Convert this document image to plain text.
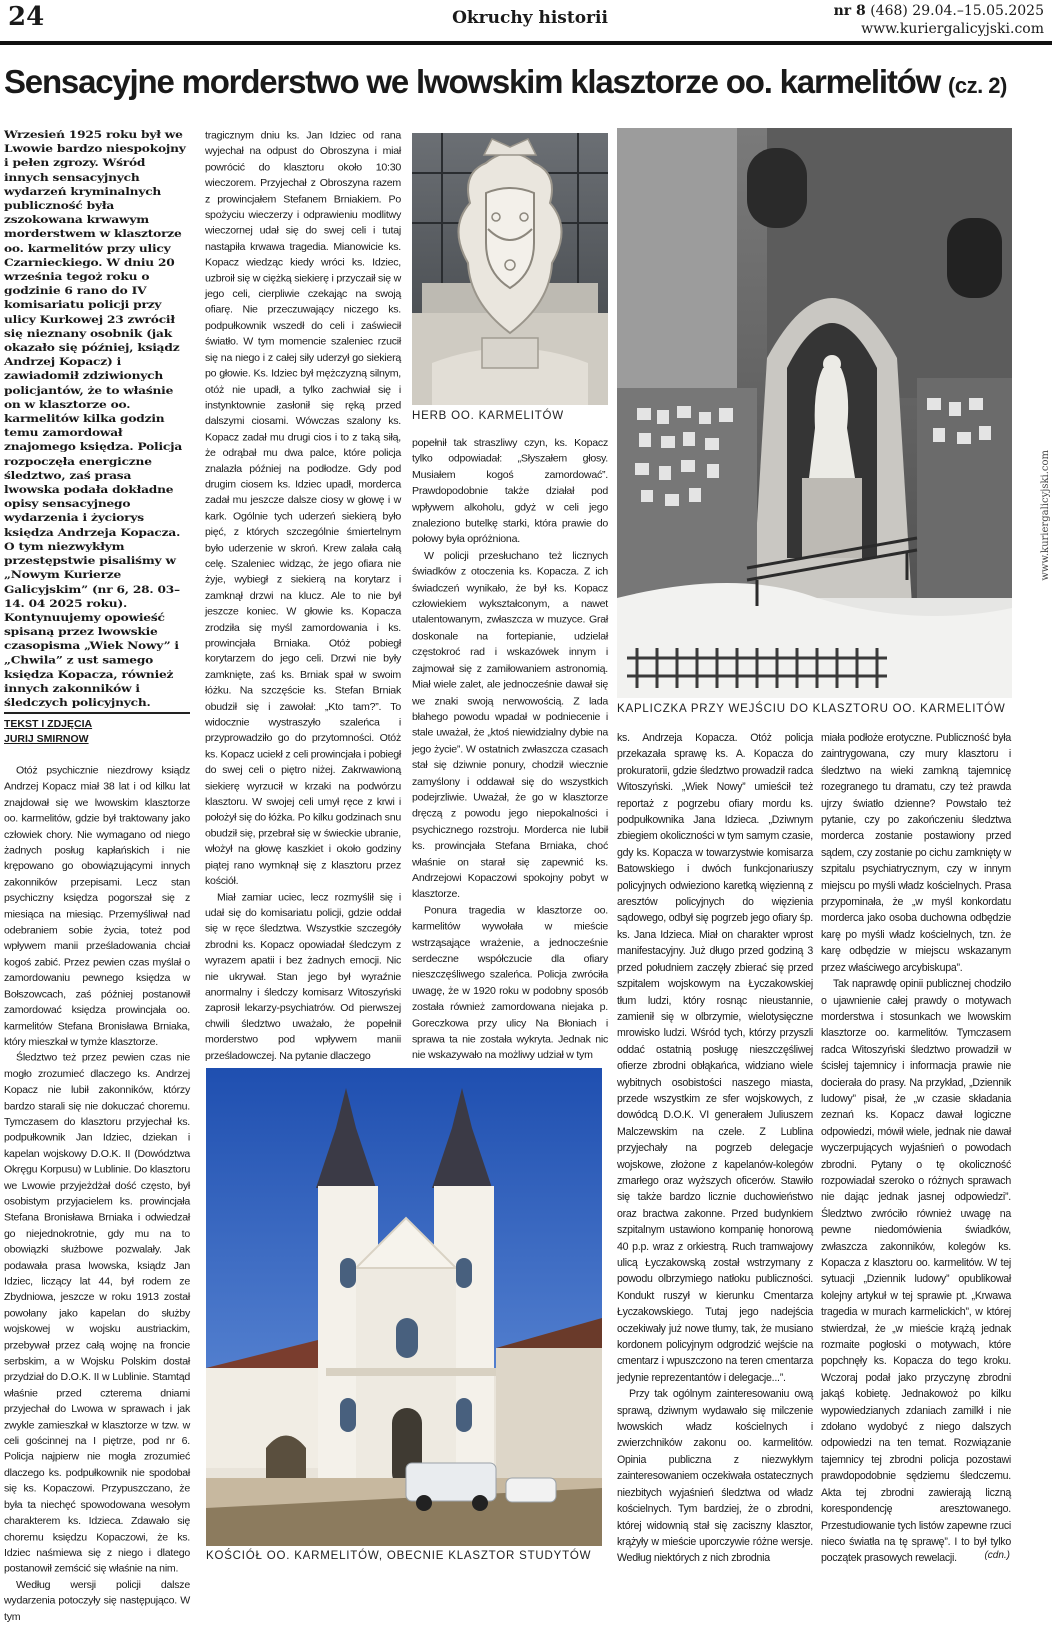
24	Okruchy historii	nr 8 (468) 29.04.–15.05.2025
www.kuriergalicyjski.com
Sensacyjne morderstwo we lwowskim klasztorze oo. karmelitów (cz. 2)
Wrzesień 1925 roku był we Lwowie bardzo niespokojny i pełen zgrozy. Wśród innych sensacyjnych wydarzeń kryminalnych publiczność była zszokowana krwawym morderstwem w klasztorze oo. karmelitów przy ulicy Czarnieckiego. W dniu 20 września tegoż roku o godzinie 6 rano do IV komisariatu policji przy ulicy Kurkowej 23 zwrócił się nieznany osobnik (jak okazało się później, ksiądz Andrzej Kopacz) i zawiadomił zdziwionych policjantów, że to właśnie on w klasztorze oo. karmelitów kilka godzin temu zamordował znajomego księdza. Policja rozpoczęła energiczne śledztwo, zaś prasa lwowska podała dokładne opisy sensacyjnego wydarzenia i życiorys księdza Andrzeja Kopacza. O tym niezwykłym przestępstwie pisaliśmy w „Nowym Kurierze Galicyjskim” (nr 6, 28. 03–14. 04 2025 roku). Kontynuujemy opowieść spisaną przez lwowskie czasopisma „Wiek Nowy” i „Chwila” z ust samego księdza Kopacza, również innych zakonników i śledczych policyjnych.
TEKST I ZDJĘCIA
JURIJ SMIRNOW

Otóż psychicznie niezdrowy ksiądz Andrzej Kopacz miał 38 lat i od kilku lat znajdował się we lwowskim klasztorze oo. karmelitów, gdzie był traktowany jako człowiek chory. Nie wymagano od niego żadnych posług kapłańskich i nie krępowano go obowiązującymi innych zakonników przepisami. Lecz stan psychiczny księdza pogorszał się z miesiąca na miesiąc. Przemyśliwał nad odebraniem sobie życia, toteż pod wpływem manii prześladowania chciał kogoś zabić. Przez pewien czas myślał o zamordowaniu pewnego księdza w Bołszowcach, zaś później postanowił zamordować księdza prowincjała oo. karmelitów Stefana Bronisława Brniaka, który mieszkał w tymże klasztorze.

Śledztwo też przez pewien czas nie mogło zrozumieć dlaczego ks. Andrzej Kopacz nie lubił zakonników, którzy bardzo starali się nie dokuczać choremu. Tymczasem do klasztoru przyjechał ks. podpułkownik Jan Idziec, dziekan i kapelan wojskowy D.O.K. II (Dowództwa Okręgu Korpusu) w Lublinie. Do klasztoru we Lwowie przyjeżdżał dość często, był osobistym przyjacielem ks. prowincjała Stefana Bronisława Brniaka i odwiedzał go niejednokrotnie, gdy mu na to obowiązki służbowe pozwalały. Jak podawała prasa lwowska, ksiądz Jan Idziec, liczący lat 44, był rodem ze Zbydniowa, jeszcze w roku 1913 został powołany jako kapelan do służby wojskowej w wojsku austriackim, przebywał przez całą wojnę na froncie serbskim, a w Wojsku Polskim dostał przydział do D.O.K. II w Lublinie. Stamtąd właśnie przed czterema dniami przyjechał do Lwowa w sprawach i jak zwykle zamieszkał w klasztorze w tzw. w celi gościnnej na I piętrze, pod nr 6. Policja najpierw nie mogła zrozumieć dlaczego ks. podpułkownik nie spodobał się ks. Kopaczowi. Przypuszczano, że była ta niechęć spowodowana wesołym charakterem ks. Idzieca. Zdawało się choremu księdzu Kopaczowi, że ks. Idziec naśmiewa się z niego i dlatego postanowił zemścić się właśnie na nim.

Według wersji policji dalsze wydarzenia potoczyły się następująco. W tym

tragicznym dniu ks. Jan Idziec od rana wyjechał na odpust do Obroszyna i miał powrócić do klasztoru około 10:30 wieczorem. Przyjechał z Obroszyna razem z prowincjałem Stefanem Brniakiem. Po spożyciu wieczerzy i odprawieniu modlitwy wieczornej udał się do swej celi i tutaj nastąpiła krwawa tragedia. Mianowicie ks. Kopacz wiedząc kiedy wróci ks. Idziec, uzbroił się w ciężką siekierę i przyczaił się w jego celi, cierpliwie czekając na swoją ofiarę. Nie przeczuwający niczego ks. podpułkownik wszedł do celi i zaświecił światło. W tym momencie szaleniec rzucił się na niego i z całej siły uderzył go siekierą po głowie. Ks. Idziec był mężczyzną silnym, otóż nie upadł, a tylko zachwiał się i instynktownie zasłonił się ręką przed dalszymi ciosami. Wówczas szalony ks. Kopacz zadał mu drugi cios i to z taką siłą, że odrąbał mu dwa palce, które policja znalazła później na podłodze. Gdy pod drugim ciosem ks. Idziec upadł, morderca zadał mu jeszcze dalsze ciosy w głowę i w kark. Ogólnie tych uderzeń siekierą było pięć, z których szczególnie śmiertelnym było uderzenie w skroń. Krew zalała całą celę. Szaleniec widząc, że jego ofiara nie żyje, wybiegł z siekierą na korytarz i zamknął drzwi na klucz. Ale to nie był jeszcze koniec. W głowie ks. Kopacza zrodziła się myśl zamordowania i ks. prowincjała Brniaka. Otóż pobiegł korytarzem do jego celi. Drzwi nie były zamknięte, zaś ks. Brniak spał w swoim łóżku. Na szczęście ks. Stefan Brniak obudził się i zawołał: „Kto tam?”. To widocznie wystraszyło szaleńca i przyprowadziło go do przytomności. Otóż ks. Kopacz uciekł z celi prowincjała i pobiegł do swej celi o piętro niżej. Zakrwawioną siekierę wyrzucił w krzaki na podwórzu klasztoru. W swojej celi umył ręce z krwi i położył się do łóżka. Po kilku godzinach snu obudził się, przebrał się w świeckie ubranie, włożył na głowę kaszkiet i około godziny piątej rano wymknął się z klasztoru przez kościół.

Miał zamiar uciec, lecz rozmyślił się i udał się do komisariatu policji, gdzie oddał się w ręce śledztwa. Wszystkie szczegóły zbrodni ks. Kopacz opowiadał śledczym z wyrazem apatii i bez żadnych emocji. Nic nie ukrywał. Stan jego był wyraźnie anormalny i śledczy komisarz Witoszyński zaprosił lekarzy-psychiatrów. Od pierwszej chwili śledztwo uważało, że popełnił morderstwo pod wpływem manii prześladowczej. Na pytanie dlaczego

popełnił tak straszliwy czyn, ks. Kopacz tylko odpowiadał: „Słyszałem głosy. Musiałem kogoś zamordować”. Prawdopodobnie także działał pod wpływem alkoholu, gdyż w celi jego znaleziono butelkę starki, która prawie do połowy była opróżniona.

W policji przesłuchano też licznych świadków z otoczenia ks. Kopacza. Z ich świadczeń wynikało, że był ks. Kopacz człowiekiem wykształconym, a nawet utalentowanym, zwłaszcza w muzyce. Grał doskonale na fortepianie, udzielał częstokroć rad i wskazówek innym i zajmował się z zamiłowaniem astronomią. Miał wiele zalet, ale jednocześnie dawał się we znaki swoją nerwowością. Z lada błahego powodu wpadał w podniecenie i stale uważał, że „ktoś niewidzialny dybie na jego życie”. W ostatnich zwłaszcza czasach stał się dziwnie ponury, chodził wiecznie zamyślony i oddawał się do wszystkich podejrzliwie. Uważał, że go w klasztorze dręczą z powodu jego niepokalności i psychicznego rozstroju. Morderca nie lubił ks. prowincjała Stefana Brniaka, choć właśnie on starał się zapewnić ks. Andrzejowi Kopaczowi spokojny pobyt w klasztorze.

Ponura tragedia w klasztorze oo. karmelitów wywołała w mieście wstrząsające wrażenie, a jednocześnie serdeczne współczucie dla ofiary nieszczęśliwego szaleńca. Policja zwróciła uwagę, że w 1920 roku w podobny sposób została również zamordowana niejaka p. Goreczkowa przy ulicy Na Błoniach i sprawa ta nie została wykryta. Jednak nic nie wskazywało na możliwy udział w tym

ks. Andrzeja Kopacza. Otóż policja przekazała sprawę ks. A. Kopacza do prokuratorii, gdzie śledztwo prowadził radca Witoszyński. „Wiek Nowy” umieścił też reportaż z pogrzebu ofiary mordu ks. podpułkownika Jana Idzieca. „Dziwnym zbiegiem okoliczności w tym samym czasie, gdy ks. Kopacza w towarzystwie komisarza Batowskiego i dwóch funkcjonariuszy policyjnych odwieziono karetką więzienną z aresztów policyjnych do więzienia sądowego, odbył się pogrzeb jego ofiary śp. ks. Jana Idzieca. Miał on charakter wprost manifestacyjny. Już długo przed godziną 3 przed południem zaczęły zbierać się przed szpitalem wojskowym na Łyczakowskiej tłum ludzi, który rosnąc nieustannie, zamienił się w olbrzymie, wielotysięczne mrowisko ludzi. Wśród tych, którzy przyszli oddać ostatnią posługę nieszczęśliwej ofierze zbrodni obłąkańca, widziano wiele wybitnych osobistości naszego miasta, przede wszystkim ze sfer wojskowych, z dowódcą D.O.K. VI generałem Juliuszem Malczewskim na czele. Z Lublina przyjechały na pogrzeb delegacje wojskowe, złożone z kapelanów-kolegów zmarłego oraz wyższych oficerów. Stawiło się także bardzo licznie duchowieństwo oraz bractwa zakonne. Przed budynkiem szpitalnym ustawiono kompanię honorową 40 p.p. wraz z orkiestrą. Ruch tramwajowy ulicą Łyczakowską został wstrzymany z powodu olbrzymiego natłoku publiczności. Kondukt ruszył w kierunku Cmentarza Łyczakowskiego. Tutaj jego nadejścia oczekiwały już nowe tłumy, tak, że musiano kordonem policyjnym odgrodzić wejście na cmentarz i wpuszczono na teren cmentarza jedynie reprezentantów i delegacje...”.

Przy tak ogólnym zainteresowaniu ową sprawą, dziwnym wydawało się milczenie lwowskich władz kościelnych i zwierzchników zakonu oo. karmelitów. Opinia publiczna z niezwykłym zainteresowaniem oczekiwała ostatecznych niezbitych wyjaśnień śledztwa od władz kościelnych. Tym bardziej, że o zbrodni, której widownią stał się zaciszny klasztor, krążyły w mieście uporczywie różne wersje. Według niektórych z nich zbrodnia

miała podłoże erotyczne. Publiczność była zaintrygowana, czy mury klasztoru i śledztwo na wieki zamkną tajemnicę rozegranego tu dramatu, czy też prawda ujrzy światło dzienne? Powstało też pytanie, czy po zakończeniu śledztwa morderca zostanie postawiony przed sądem, czy zostanie po cichu zamknięty w szpitalu psychiatrycznym, czy w innym miejscu po myśli władz kościelnych. Prasa przypominała, że „w myśl konkordatu morderca jako osoba duchowna odbędzie karę po myśli władz kościelnych, tzn. że karę odbędzie w miejscu wskazanym przez właściwego arcybiskupa”.

Tak naprawdę opinii publicznej chodziło o ujawnienie całej prawdy o motywach morderstwa i stosunkach we lwowskim klasztorze oo. karmelitów. Tymczasem radca Witoszyński śledztwo prowadził w ścisłej tajemnicy i informacja prawie nie docierała do prasy. Na przykład, „Dziennik ludowy” pisał, że „w czasie składania zeznań ks. Kopacz dawał logiczne odpowiedzi, mówił wiele, jednak nie dawał wyczerpujących wyjaśnień o powodach zbrodni. Pytany o tę okoliczność rozpowiadał szeroko o różnych sprawach nie dając jednak jasnej odpowiedzi”. Śledztwo zwróciło również uwagę na pewne niedomówienia świadków, zwłaszcza zakonników, kolegów ks. Kopacza z klasztoru oo. karmelitów. W tej sytuacji „Dziennik ludowy” opublikował kolejny artykuł w tej sprawie pt. „Krwawa tragedia w murach karmelickich”, w której stwierdzał, że „w mieście krążą jednak rozmaite pogłoski o motywach, które popchnęły ks. Kopacza do tego kroku. Wczoraj podał jako przyczynę zbrodni jakąś kobietę. Jednakowoż po kilku wypowiedzianych zdaniach zamilkł i nie zdołano wydobyć z niego dalszych odpowiedzi na ten temat. Rozwiązanie tajemnicy tej zbrodni policja pozostawi prawdopodobnie sędziemu śledczemu. Akta tej zbrodni zawierają liczną korespondencję aresztowanego. Przestudiowanie tych listów zapewne rzuci nieco światła na tę sprawę”. I to był tylko początek prasowych rewelacji.

HERB OO. KARMELITÓW
KAPLICZKA PRZY WEJŚCIU DO KLASZTORU OO. KARMELITÓW
KOŚCIÓŁ OO. KARMELITÓW, OBECNIE KLASZTOR STUDYTÓW	(cdn.)
www.kuriergalicyjski.com
